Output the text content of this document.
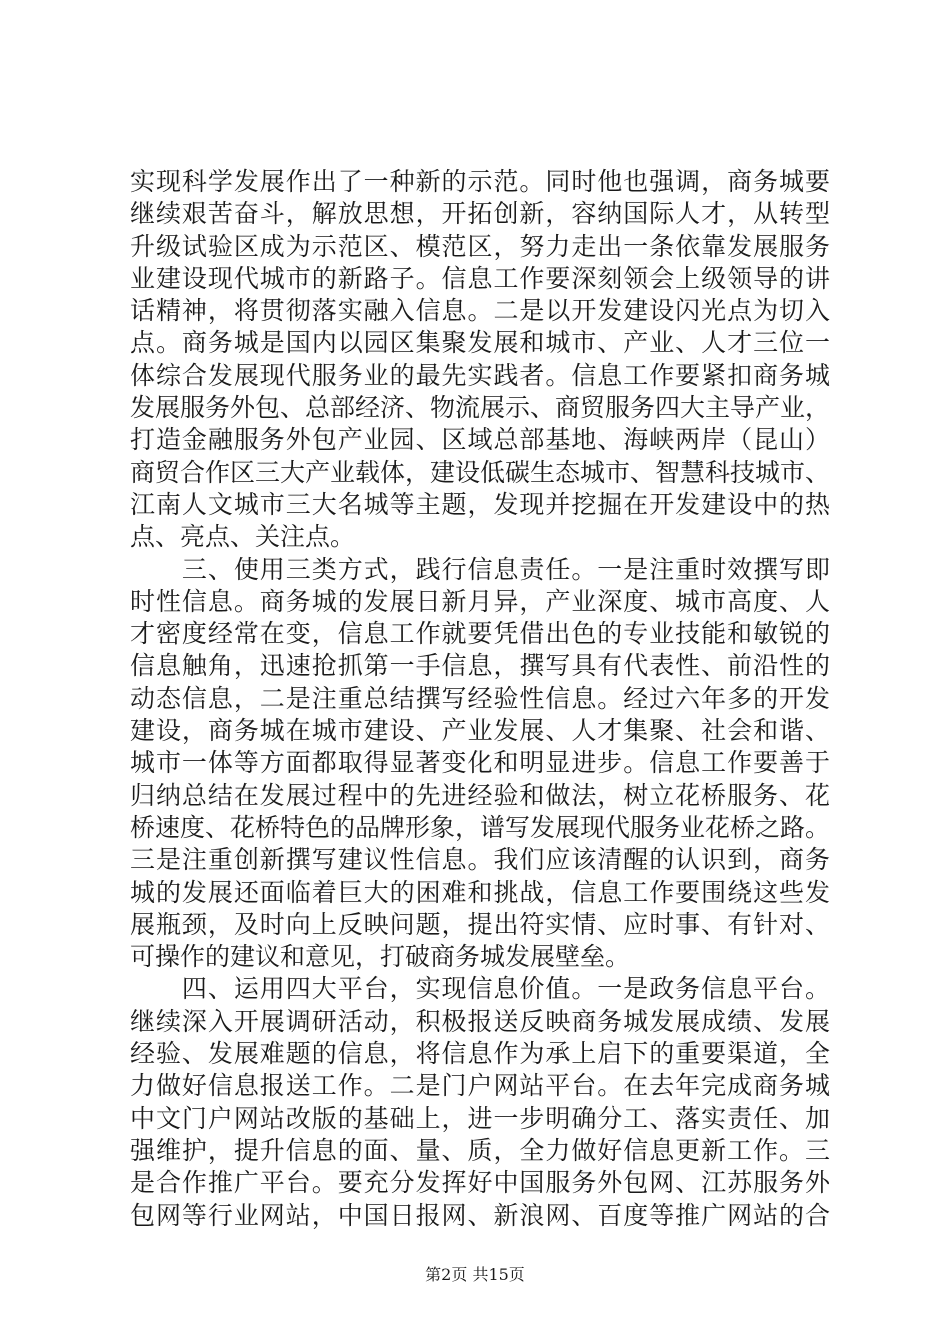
实现科学发展作出了一种新的示范。同时他也强调，商务城要
继续艰苦奋斗，解放思想，开拓创新，容纳国际人才，从转型
升级试验区成为示范区、模范区，努力走出一条依靠发展服务
业建设现代城市的新路子。信息工作要深刻领会上级领导的讲
话精神，将贯彻落实融入信息。二是以开发建设闪光点为切入
点。商务城是国内以园区集聚发展和城市、产业、人才三位一
体综合发展现代服务业的最先实践者。信息工作要紧扣商务城
发展服务外包、总部经济、物流展示、商贸服务四大主导产业，
打造金融服务外包产业园、区域总部基地、海峡两岸（昆山）
商贸合作区三大产业载体，建设低碳生态城市、智慧科技城市、
江南人文城市三大名城等主题，发现并挖掘在开发建设中的热
点、亮点、关注点。
　　三、使用三类方式，践行信息责任。一是注重时效撰写即
时性信息。商务城的发展日新月异，产业深度、城市高度、人
才密度经常在变，信息工作就要凭借出色的专业技能和敏锐的
信息触角，迅速抢抓第一手信息，撰写具有代表性、前沿性的
动态信息，二是注重总结撰写经验性信息。经过六年多的开发
建设，商务城在城市建设、产业发展、人才集聚、社会和谐、
城市一体等方面都取得显著变化和明显进步。信息工作要善于
归纳总结在发展过程中的先进经验和做法，树立花桥服务、花
桥速度、花桥特色的品牌形象，谱写发展现代服务业花桥之路。
三是注重创新撰写建议性信息。我们应该清醒的认识到，商务
城的发展还面临着巨大的困难和挑战，信息工作要围绕这些发
展瓶颈，及时向上反映问题，提出符实情、应时事、有针对、
可操作的建议和意见，打破商务城发展壁垒。
　　四、运用四大平台，实现信息价值。一是政务信息平台。
继续深入开展调研活动，积极报送反映商务城发展成绩、发展
经验、发展难题的信息，将信息作为承上启下的重要渠道，全
力做好信息报送工作。二是门户网站平台。在去年完成商务城
中文门户网站改版的基础上，进一步明确分工、落实责任、加
强维护，提升信息的面、量、质，全力做好信息更新工作。三
是合作推广平台。要充分发挥好中国服务外包网、江苏服务外
包网等行业网站，中国日报网、新浪网、百度等推广网站的合
第2页 共15页
